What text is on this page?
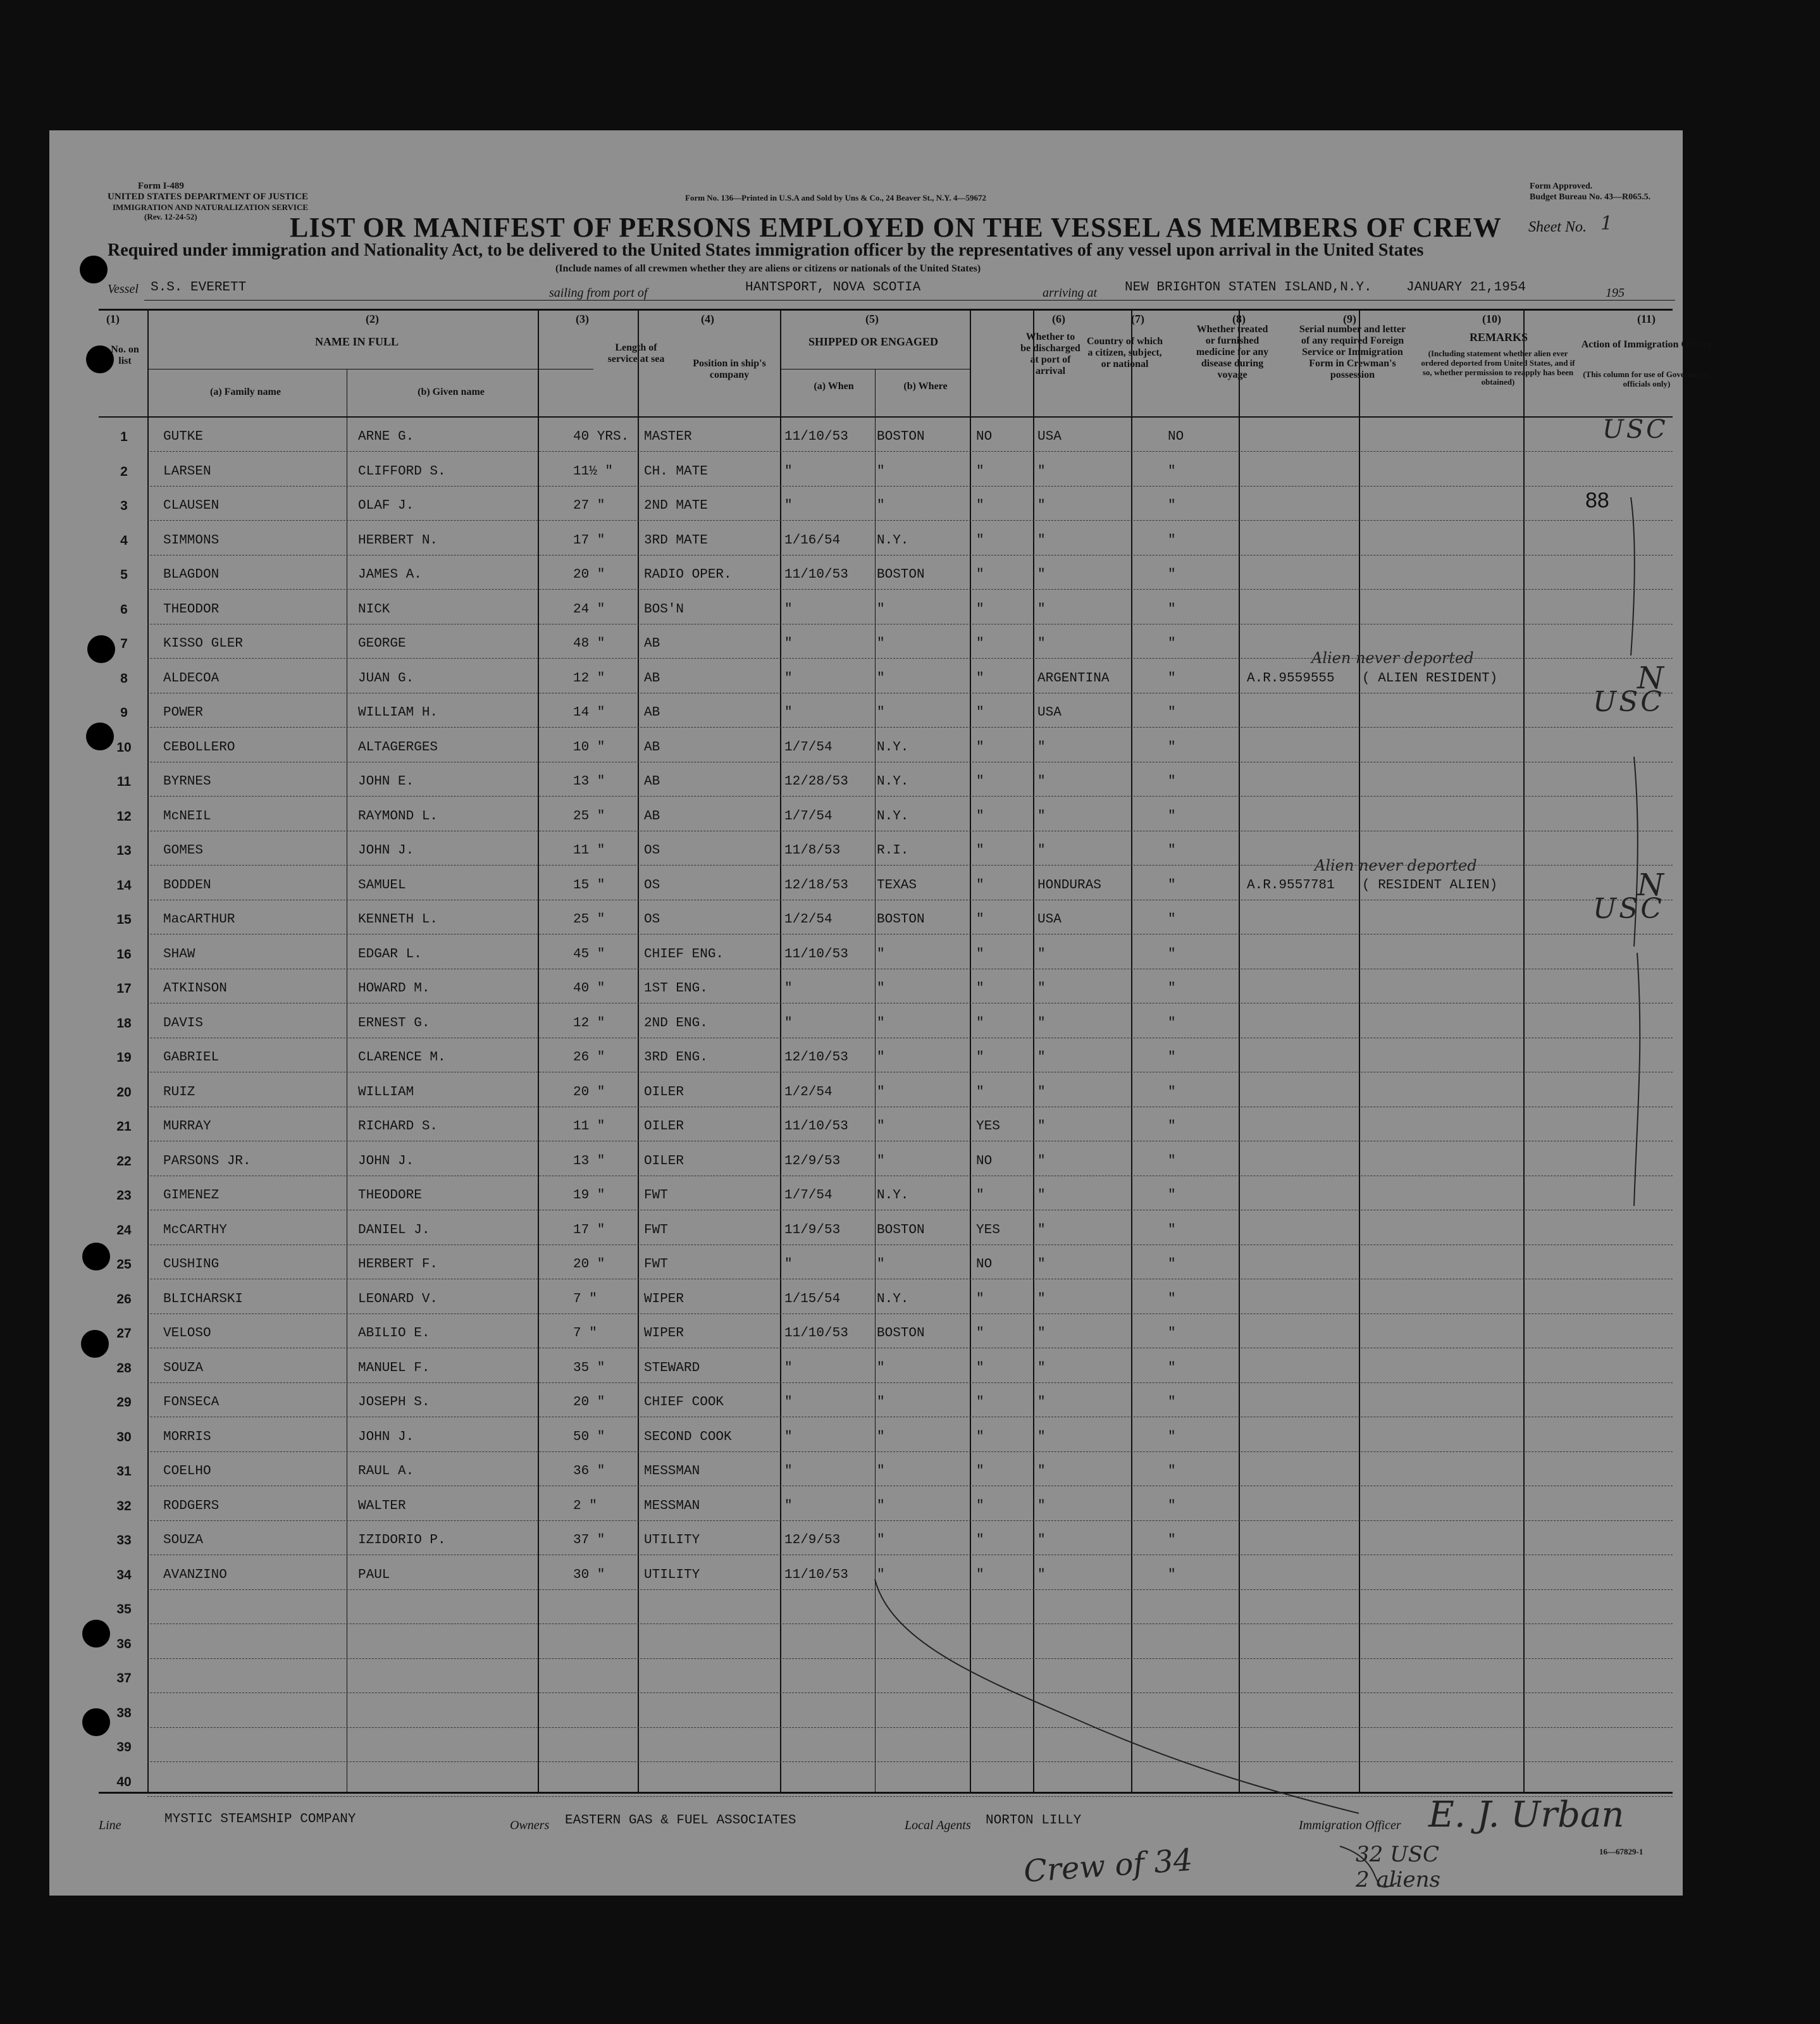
Form I-489
UNITED STATES DEPARTMENT OF JUSTICE
IMMIGRATION AND NATURALIZATION SERVICE
(Rev. 12-24-52)
Form No. 136—Printed in U.S.A and Sold by Uns & Co., 24 Beaver St., N.Y. 4—59672
Form Approved.
Budget Bureau No. 43—R065.5.
LIST OR MANIFEST OF PERSONS EMPLOYED ON THE VESSEL AS MEMBERS OF CREW Sheet No. 1
Required under immigration and Nationality Act, to be delivered to the United States immigration officer by the representatives of any vessel upon arrival in the United States
(Include names of all crewmen whether they are aliens or citizens or nationals of the United States)
Vessel S.S. EVERETT	sailing from port of	HANTSPORT, NOVA SCOTIA	arriving at NEW BRIGHTON STATEN ISLAND,N.Y.	JANUARY 21,1954	195
(1)
No. on list
(2)
NAME IN FULL
(a) Family name	(b) Given name
(3)
Length of service at sea
(4)
Position in ship's company
(5)
SHIPPED OR ENGAGED
(a) When	(b) Where
(6)
Whether to be discharged at port of arrival
(7)
Country of which a citizen, subject, or national
(8)
Whether treated or furnished medicine for any disease during voyage
(9)
Serial number and letter of any required Foreign Service or Immigration Form in Crewman's possession
(10)
REMARKS
(Including statement whether alien ever ordered deported from United States, and if so, whether permission to reapply has been obtained)
(11)
Action of Immigration Officer
(This column for use of Government officials only)
1	GUTKE	ARNE G.	40 YRS. MASTER	11/10/53 BOSTON	NO	USA	NO
2	LARSEN	CLIFFORD S.	11½ " CH. MATE	"	"	"	"	"
3	CLAUSEN	OLAF J.	27 "	2ND MATE	"	"	"	"	"
4	SIMMONS	HERBERT N.	17 "	3RD MATE	1/16/54	N.Y.	"	"	"
5	BLAGDON	JAMES A.	20 "	RADIO OPER.	11/10/53 BOSTON	"	"	"
6	THEODOR	NICK	24 "	BOS'N	"	"	"	"	"
7	KISSO GLER	GEORGE	48 "	AB	"	"	"	"	"
8	ALDECOA	JUAN G.	12 "	AB	"	"	"	ARGENTINA	"	A.R.9559555 ( ALIEN RESIDENT)
9	POWER	WILLIAM H.	14 "	AB	"	"	"	USA	"
10	CEBOLLERO	ALTAGERGES	10 "	AB	1/7/54	N.Y.	"	"	"
11	BYRNES	JOHN E.	13 "	AB	12/28/53 N.Y.	"	"	"
12	McNEIL	RAYMOND L.	25 "	AB	1/7/54	N.Y.	"	"	"
13	GOMES	JOHN J.	11 "	OS	11/8/53	R.I.	"	"	"
14	BODDEN	SAMUEL	15 "	OS	12/18/53 TEXAS	"	HONDURAS	"	A.R.9557781 ( RESIDENT ALIEN)
15	MacARTHUR	KENNETH L.	25 "	OS	1/2/54	BOSTON	"	USA	"
16	SHAW	EDGAR L.	45 "	CHIEF ENG.	11/10/53 "	"	"	"
17	ATKINSON	HOWARD M.	40 "	1ST ENG.	"	"	"	"	"
18	DAVIS	ERNEST G.	12 "	2ND ENG.	"	"	"	"	"
19	GABRIEL	CLARENCE M.	26 "	3RD ENG.	12/10/53 "	"	"	"
20	RUIZ	WILLIAM	20 "	OILER	1/2/54	"	"	"	"
21	MURRAY	RICHARD S.	11 "	OILER	11/10/53 "	YES	"	"
22	PARSONS JR.	JOHN J.	13 "	OILER	12/9/53	"	NO	"	"
23	GIMENEZ	THEODORE	19 "	FWT	1/7/54	N.Y.	"	"	"
24	McCARTHY	DANIEL J.	17 "	FWT	11/9/53	BOSTON	YES	"	"
25	CUSHING	HERBERT F.	20 "	FWT	"	"	NO	"	"
26	BLICHARSKI	LEONARD V.	7 "	WIPER	1/15/54	N.Y.	"	"	"
27	VELOSO	ABILIO E.	7 "	WIPER	11/10/53 BOSTON	"	"	"
28	SOUZA	MANUEL F.	35 "	STEWARD	"	"	"	"	"
29	FONSECA	JOSEPH S.	20 "	CHIEF COOK	"	"	"	"	"
30	MORRIS	JOHN J.	50 "	SECOND COOK	"	"	"	"	"
31	COELHO	RAUL A.	36 "	MESSMAN	"	"	"	"	"
32	RODGERS	WALTER	2 "	MESSMAN	"	"	"	"	"
33	SOUZA	IZIDORIO P.	37 "	UTILITY	12/9/53	"	"	"	"
34	AVANZINO	PAUL	30 "	UTILITY	11/10/53 "	"	"	"
35
36
37
38
39
40
USC
88
Alien never deported
N
USC
Alien never deported
N
USC
Line	MYSTIC STEAMSHIP COMPANY	Owners EASTERN GAS & FUEL ASSOCIATES	Local Agents NORTON LILLY	Immigration Officer E. J. Urban
16—67829-1
Crew of 34	32 USC
2 aliens
